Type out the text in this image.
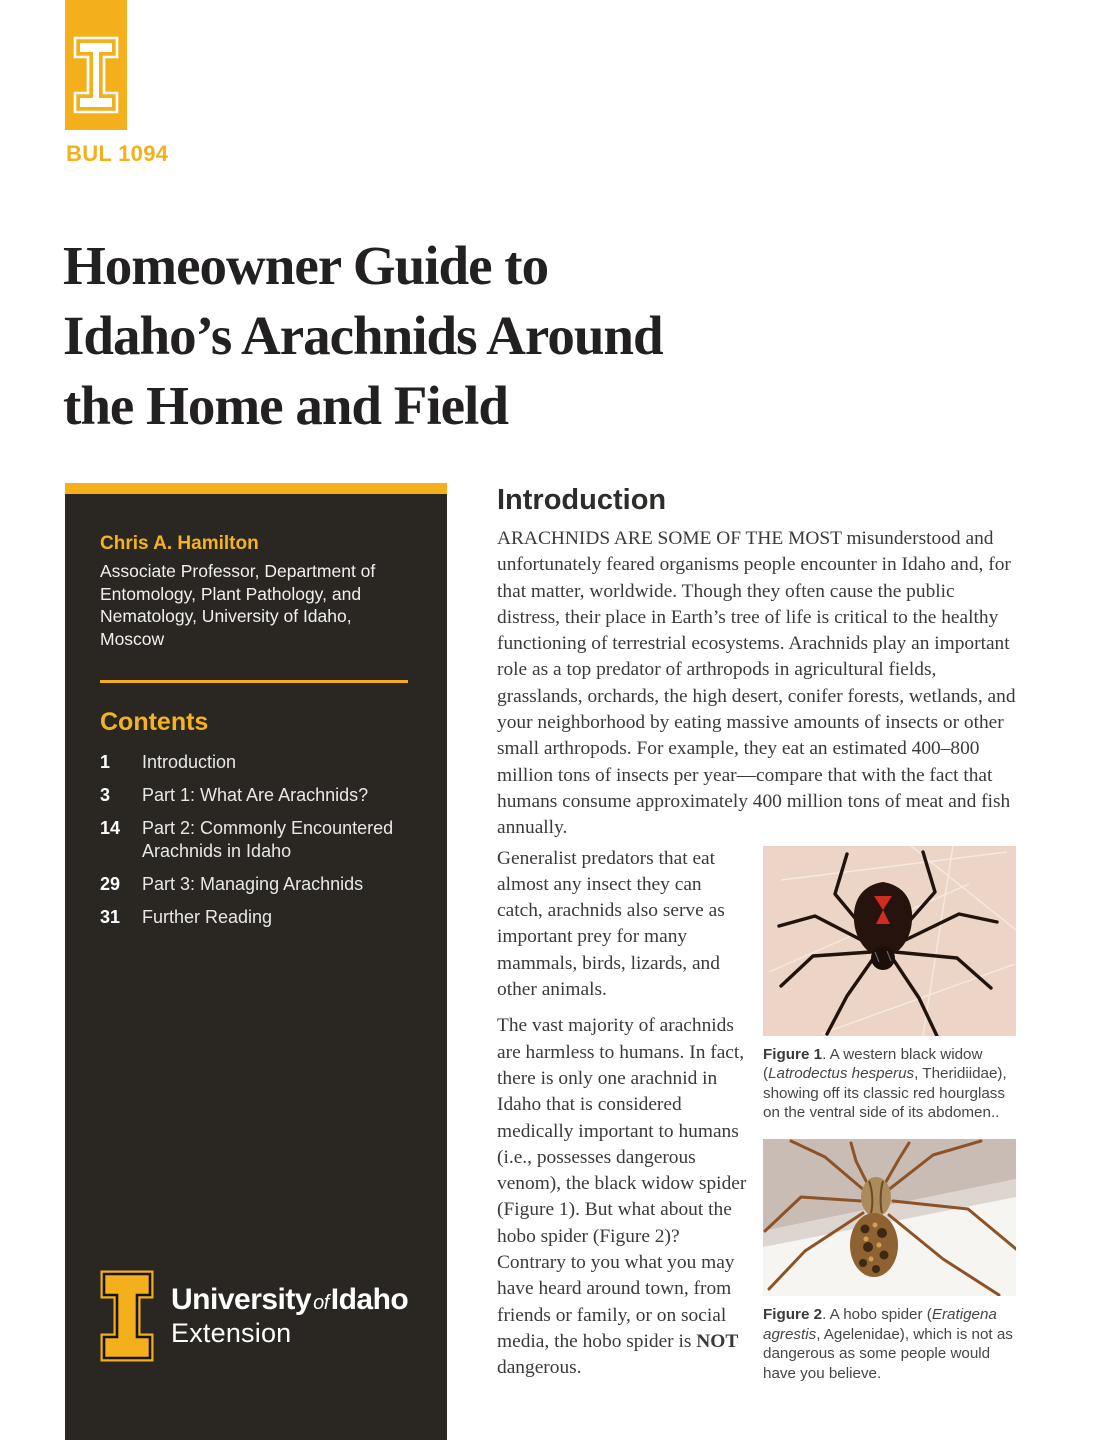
BUL 1094
Homeowner Guide to
Idaho’s Arachnids Around
the Home and Field
Chris A. Hamilton
Associate Professor, Department of Entomology, Plant Pathology, and Nematology, University of Idaho, Moscow
Contents
1	Introduction
3	Part 1: What Are Arachnids?
14	Part 2: Commonly Encountered Arachnids in Idaho
29	Part 3: Managing Arachnids
31	Further Reading
University ofIdaho
Extension
Introduction

ARACHNIDS ARE SOME OF THE MOST misunderstood and unfortunately feared organisms people encounter in Idaho and, for that matter, worldwide. Though they often cause the public distress, their place in Earth’s tree of life is critical to the healthy functioning of terrestrial ecosystems. Arachnids play an important role as a top predator of arthropods in agricultural fields, grasslands, orchards, the high desert, conifer forests, wetlands, and your neighborhood by eating massive amounts of insects or other small arthropods. For example, they eat an estimated 400–800 million tons of insects per year—compare that with the fact that humans consume approximately 400 million tons of meat and fish annually.

Generalist predators that eat almost any insect they can catch, arachnids also serve as important prey for many mammals, birds, lizards, and other animals.

The vast majority of arachnids are harmless to humans. In fact, there is only one arachnid in Idaho that is considered medically important to humans (i.e., possesses dangerous venom), the black widow spider (Figure 1). But what about the hobo spider (Figure 2)? Contrary to you what you may have heard around town, from friends or family, or on social media, the hobo spider is NOT dangerous.

Figure 1. A western black widow (Latrodectus hesperus, Theridiidae), showing off its classic red hourglass on the ventral side of its abdomen..
Figure 2. A hobo spider (Eratigena agrestis, Agelenidae), which is not as dangerous as some people would have you believe.
